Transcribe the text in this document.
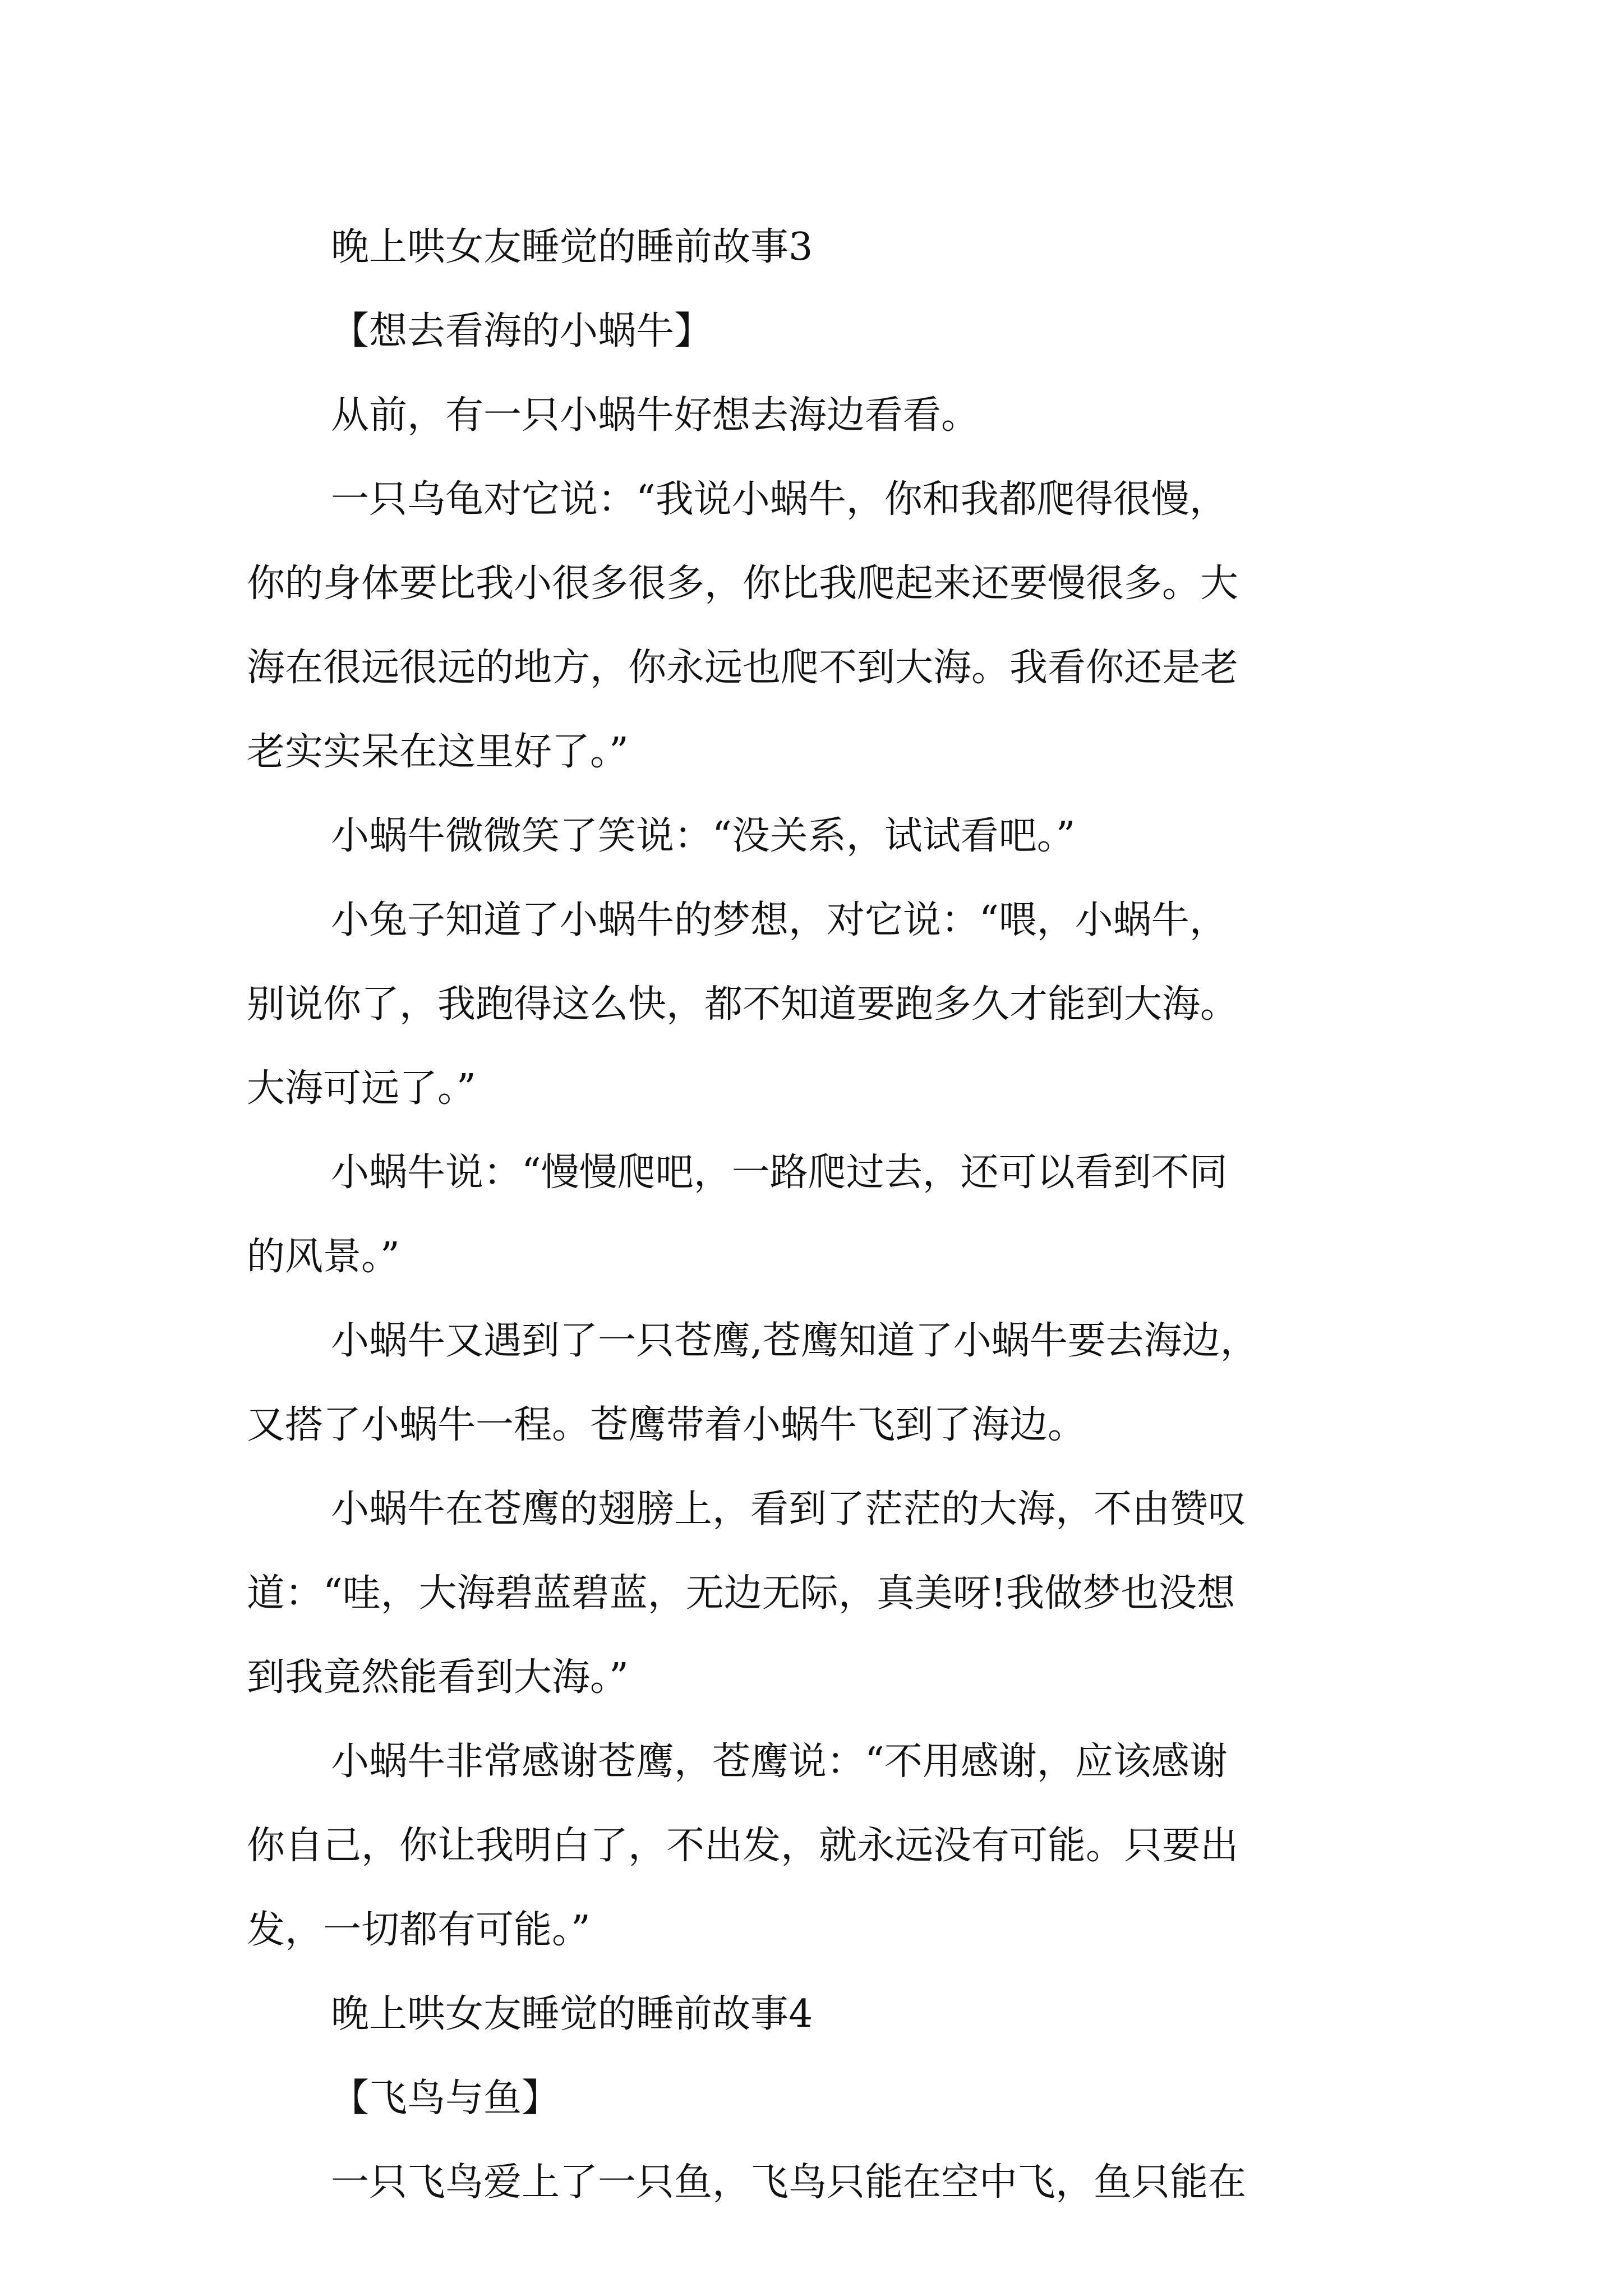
晚上哄女友睡觉的睡前故事3

【想去看海的小蜗牛】

从前，有一只小蜗牛好想去海边看看。

一只乌龟对它说：“我说小蜗牛，你和我都爬得很慢，

你的身体要比我小很多很多，你比我爬起来还要慢很多。大

海在很远很远的地方，你永远也爬不到大海。我看你还是老

老实实呆在这里好了。”

小蜗牛微微笑了笑说：“没关系，试试看吧。”

小兔子知道了小蜗牛的梦想，对它说：“喂，小蜗牛，

别说你了，我跑得这么快，都不知道要跑多久才能到大海。

大海可远了。”

小蜗牛说：“慢慢爬吧，一路爬过去，还可以看到不同

的风景。”

小蜗牛又遇到了一只苍鹰,苍鹰知道了小蜗牛要去海边，

又搭了小蜗牛一程。苍鹰带着小蜗牛飞到了海边。

小蜗牛在苍鹰的翅膀上，看到了茫茫的大海，不由赞叹

道：“哇，大海碧蓝碧蓝，无边无际，真美呀!我做梦也没想

到我竟然能看到大海。”

小蜗牛非常感谢苍鹰，苍鹰说：“不用感谢，应该感谢

你自己，你让我明白了，不出发，就永远没有可能。只要出

发，一切都有可能。”

晚上哄女友睡觉的睡前故事4

【飞鸟与鱼】

一只飞鸟爱上了一只鱼，飞鸟只能在空中飞，鱼只能在
